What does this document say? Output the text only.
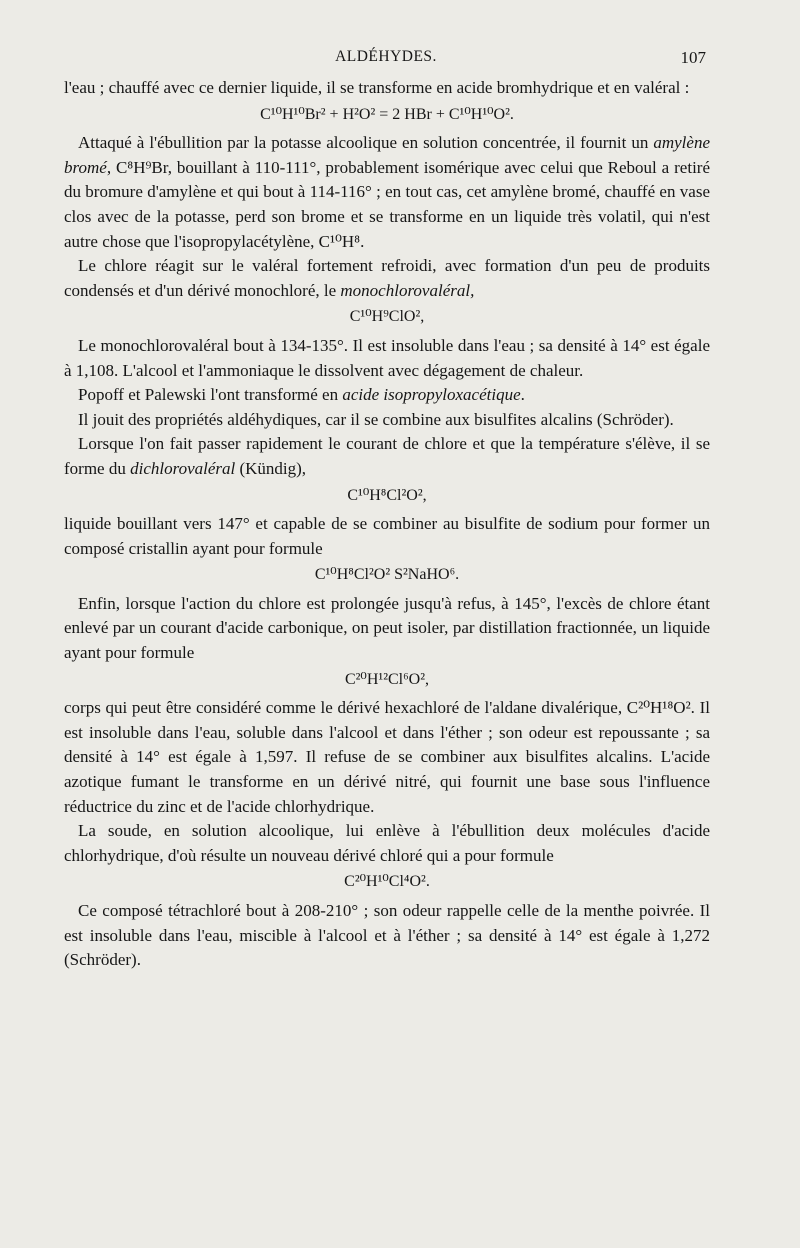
ALDÉHYDES.	107

l'eau ; chauffé avec ce dernier liquide, il se transforme en acide bromhydrique et en valéral :

C¹⁰H¹⁰Br² + H²O² = 2 HBr + C¹⁰H¹⁰O².

Attaqué à l'ébullition par la potasse alcoolique en solution concentrée, il fournit un amylène bromé, C⁸H⁹Br, bouillant à 110-111°, probablement isomérique avec celui que Reboul a retiré du bromure d'amylène et qui bout à 114-116° ; en tout cas, cet amylène bromé, chauffé en vase clos avec de la potasse, perd son brome et se transforme en un liquide très volatil, qui n'est autre chose que l'isopropylacétylène, C¹⁰H⁸.

Le chlore réagit sur le valéral fortement refroidi, avec formation d'un peu de produits condensés et d'un dérivé monochloré, le monochlorovaléral,

C¹⁰H⁹ClO²,

Le monochlorovaléral bout à 134-135°. Il est insoluble dans l'eau ; sa densité à 14° est égale à 1,108. L'alcool et l'ammoniaque le dissolvent avec dégagement de chaleur.

Popoff et Palewski l'ont transformé en acide isopropyloxacétique.

Il jouit des propriétés aldéhydiques, car il se combine aux bisulfites alcalins (Schröder).

Lorsque l'on fait passer rapidement le courant de chlore et que la température s'élève, il se forme du dichlorovaléral (Kündig),

C¹⁰H⁸Cl²O²,

liquide bouillant vers 147° et capable de se combiner au bisulfite de sodium pour former un composé cristallin ayant pour formule

C¹⁰H⁸Cl²O² S²NaHO⁶.

Enfin, lorsque l'action du chlore est prolongée jusqu'à refus, à 145°, l'excès de chlore étant enlevé par un courant d'acide carbonique, on peut isoler, par distillation fractionnée, un liquide ayant pour formule

C²⁰H¹²Cl⁶O²,

corps qui peut être considéré comme le dérivé hexachloré de l'aldane divalérique, C²⁰H¹⁸O². Il est insoluble dans l'eau, soluble dans l'alcool et dans l'éther ; son odeur est repoussante ; sa densité à 14° est égale à 1,597. Il refuse de se combiner aux bisulfites alcalins. L'acide azotique fumant le transforme en un dérivé nitré, qui fournit une base sous l'influence réductrice du zinc et de l'acide chlorhydrique.

La soude, en solution alcoolique, lui enlève à l'ébullition deux molécules d'acide chlorhydrique, d'où résulte un nouveau dérivé chloré qui a pour formule

C²⁰H¹⁰Cl⁴O².

Ce composé tétrachloré bout à 208-210° ; son odeur rappelle celle de la menthe poivrée. Il est insoluble dans l'eau, miscible à l'alcool et à l'éther ; sa densité à 14° est égale à 1,272 (Schröder).
